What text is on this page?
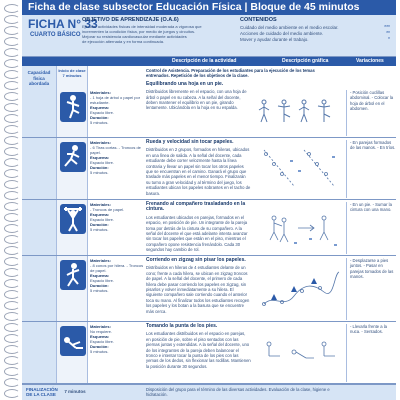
Ficha de clase subsector Educación Física | Bloque de 45 minutos
FICHA N° 33
CUARTO BÁSICO
OBJETIVO DE APRENDIZAJE (O.A.6)
Ejecutar actividades físicas de intensidad moderada a vigorosa que
incrementen la condición física, por medio de juegos y circuitos.
Mejorar su resistencia cardiovascular mediante actividades
de ejecución alternada y en forma continuada.
CONTENIDOS
Cuidado del medio ambiente en el medio escolar.	***
Acciones de cuidado del medio ambiente.	**
Mover y ayudar durante el trabajo.	*
Descripción de la actividad	Descripción gráfica	Variaciones
Capacidad física abordada
Inicio de clase 7 minutos
Materiales:
- 1 hoja de árbol o papel por estudiante.
Esquema:
Espacio libre.
Duración:
5 minutos.
Control de Asistencia. Preparación de los estudiantes para la ejecución de los temas entrenados. Repetición de los objetivos de la clase.
Equilibrando una hoja en un pie.
Distribuidos libremente en el espacio, con una hoja de árbol o papel en su cabeza. A la señal del docente, deben mantener el equilibrio en un pie, girando lentamente. Ubicándola en la hoja en su espalda.
- Posición cuclillas abdominal. - Colocar la hoja de árbol en el abdomen.
Materiales:
- 6 Tiras cortas. - Troncos de papel.
Esquema:
Espacio libre.
Duración:
5 minutos.
Rueda y velocidad sin tocar papeles.
Distribuidos en 2 grupos, formados en hileras, ubicados en una línea de salida. A la señal del docente, cada estudiante debe correr velozmente hasta la línea contraria y llevar un papel sin tocar los otros papeles que se encuentran en el camino. Ganará el grupo que traslade más papeles en el menor tiempo. Finalizarán su turno a gran velocidad y al término del juego, los estudiantes ubican los papeles sobrantes en el tacho de basura.
- En parejas formados de las manos. - En tríos.
Materiales:
- Troncos de papel.
Esquema:
Espacio libre.
Duración:
5 minutos.
Frenando al compañero trasladando en la cintura.
Los estudiantes ubicados en parejas, formados en el espacio, en posición de pie. Un integrante de la pareja toma por detrás de la cintura de su compañero. A la señal del docente el que está adelante intenta avanzar sin tocar los papeles que están en el piso, mientras el compañero opone resistencia frenándolo. Cada 30 segundos hay cambio de rol.
- En un pie. - Sumar la cintura con una mano.
Materiales:
- 8 conos por hilera. - Troncos de papel.
Esquema:
Espacio libre.
Duración:
5 minutos.
Corriendo en zigzag sin pisar los papeles.
Distribuidos en hileras de 4 estudiantes delante de un cono; frente a cada hilera, se ubican en zigzag troncos de papel. A la señal del docente, el primero de cada hilera debe pasar corriendo los papeles en zigzag, sin pisarlos y volver inmediatamente a su hilera. El siguiente compañero sale corriendo cuando el anterior toca su mano. Al finalizar todos los estudiantes recogen los papeles y los botan a la basura que se encuentre más cerca.
- Desplazarse a pies juntos. - Pasar en parejas tomados de las manos.
Materiales:
No requiere.
Esquema:
Espacio libre.
Duración:
5 minutos.
Tomando la punta de los pies.
Los estudiantes distribuidos en el espacio en parejas, en posición de pie, sobre el piso sentados con las piernas juntas y extendidas. A la señal del docente, uno de los integrantes de la pareja deben balancear el tronco e intentar tocar la punta de los pies con las yemas de los dedos, sin flexionar las rodillas. Mantienen la posición durante 30 segundos.
- Llevarla frente a la nuca. - Sentados.
FINALIZACIÓN DE LA CLASE
7 minutos	Disposición del grupo para el término de las diversas actividades. Evaluación de la clase, higiene e hidratación.
